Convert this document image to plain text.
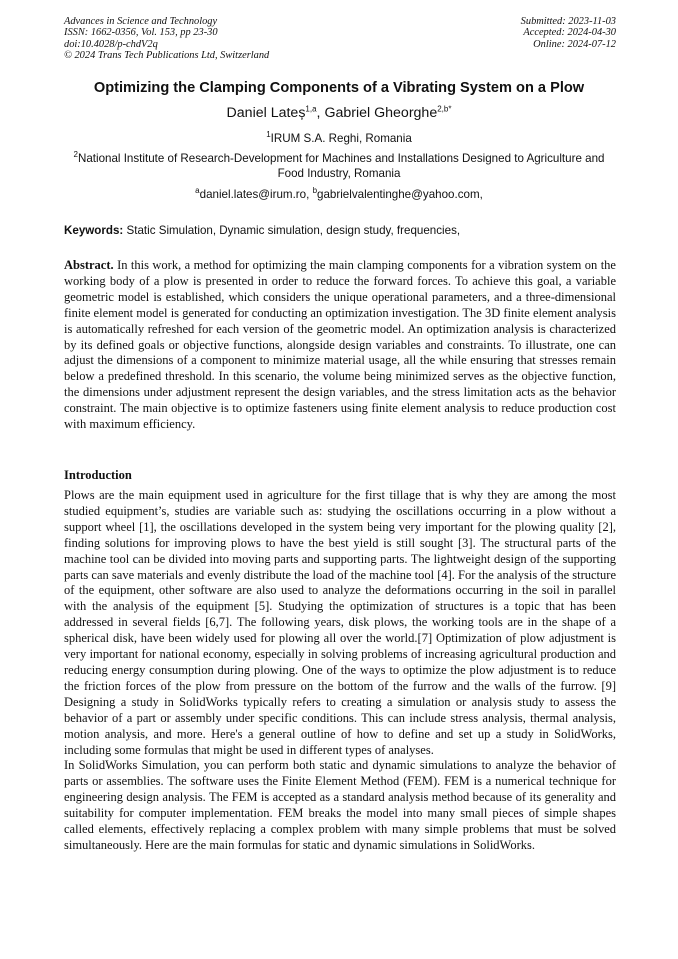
Advances in Science and Technology
ISSN: 1662-0356, Vol. 153, pp 23-30
doi:10.4028/p-chdV2q
© 2024 Trans Tech Publications Ltd, Switzerland
Submitted: 2023-11-03
Accepted: 2024-04-30
Online: 2024-07-12
Optimizing the Clamping Components of a Vibrating System on a Plow
Daniel Lateș$^{1,a}$, Gabriel Gheorghe$^{2,b*}$
$^1$IRUM S.A. Reghi, Romania
$^2$National Institute of Research-Development for Machines and Installations Designed to Agriculture and Food Industry, Romania
$^a$daniel.lates@irum.ro, $^b$gabrielvalentinghe@yahoo.com,
Keywords: Static Simulation, Dynamic simulation, design study, frequencies,
Abstract. In this work, a method for optimizing the main clamping components for a vibration system on the working body of a plow is presented in order to reduce the forward forces. To achieve this goal, a variable geometric model is established, which considers the unique operational parameters, and a three-dimensional finite element model is generated for conducting an optimization investigation. The 3D finite element analysis is automatically refreshed for each version of the geometric model. An optimization analysis is characterized by its defined goals or objective functions, alongside design variables and constraints. To illustrate, one can adjust the dimensions of a component to minimize material usage, all the while ensuring that stresses remain below a predefined threshold. In this scenario, the volume being minimized serves as the objective function, the dimensions under adjustment represent the design variables, and the stress limitation acts as the behavior constraint. The main objective is to optimize fasteners using finite element analysis to reduce production cost with maximum efficiency.
Introduction

Plows are the main equipment used in agriculture for the first tillage that is why they are among the most studied equipment’s, studies are variable such as: studying the oscillations occurring in a plow without a support wheel [1], the oscillations developed in the system being very important for the plowing quality [2], finding solutions for improving plows to have the best yield is still sought [3]. The structural parts of the machine tool can be divided into moving parts and supporting parts. The lightweight design of the supporting parts can save materials and evenly distribute the load of the machine tool [4]. For the analysis of the structure of the equipment, other software are also used to analyze the deformations occurring in the soil in parallel with the analysis of the equipment [5]. Studying the optimization of structures is a topic that has been addressed in several fields [6,7]. The following years, disk plows, the working tools are in the shape of a spherical disk, have been widely used for plowing all over the world.[7] Optimization of plow adjustment is very important for national economy, especially in solving problems of increasing agricultural production and reducing energy consumption during plowing. One of the ways to optimize the plow adjustment is to reduce the friction forces of the plow from pressure on the bottom of the furrow and the walls of the furrow. [9] Designing a study in SolidWorks typically refers to creating a simulation or analysis study to assess the behavior of a part or assembly under specific conditions. This can include stress analysis, thermal analysis, motion analysis, and more. Here's a general outline of how to define and set up a study in SolidWorks, including some formulas that might be used in different types of analyses.

In SolidWorks Simulation, you can perform both static and dynamic simulations to analyze the behavior of parts or assemblies. The software uses the Finite Element Method (FEM). FEM is a numerical technique for engineering design analysis. The FEM is accepted as a standard analysis method because of its generality and suitability for computer implementation. FEM breaks the model into many small pieces of simple shapes called elements, effectively replacing a complex problem with many simple problems that must be solved simultaneously. Here are the main formulas for static and dynamic simulations in SolidWorks.
